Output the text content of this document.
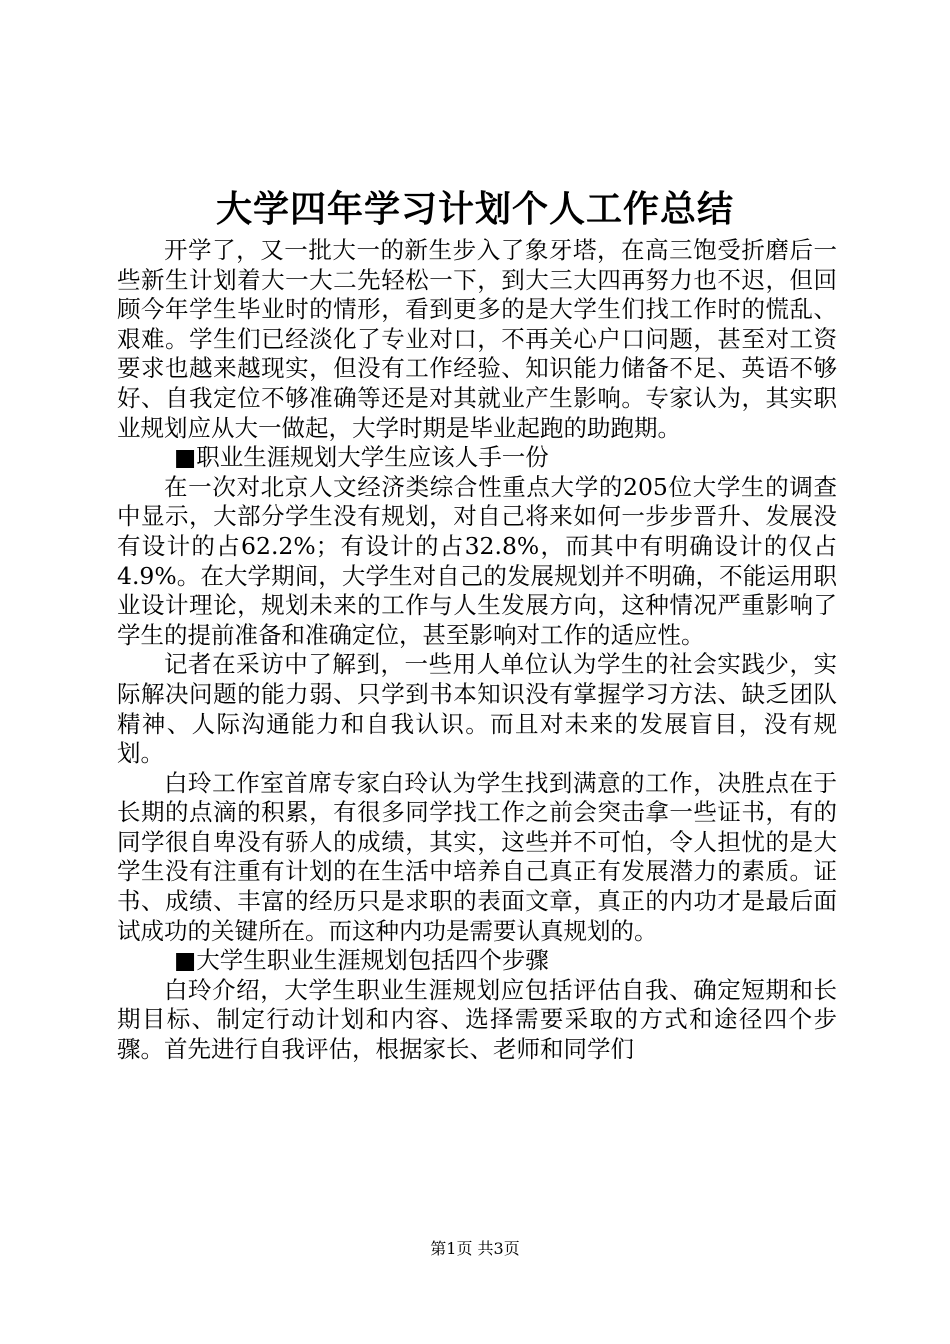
大学四年学习计划个人工作总结

开学了，又一批大一的新生步入了象牙塔，在高三饱受折磨后一些新生计划着大一大二先轻松一下，到大三大四再努力也不迟，但回顾今年学生毕业时的情形，看到更多的是大学生们找工作时的慌乱、艰难。学生们已经淡化了专业对口，不再关心户口问题，甚至对工资要求也越来越现实，但没有工作经验、知识能力储备不足、英语不够好、自我定位不够准确等还是对其就业产生影响。专家认为，其实职业规划应从大一做起，大学时期是毕业起跑的助跑期。

■职业生涯规划大学生应该人手一份

在一次对北京人文经济类综合性重点大学的205位大学生的调查中显示，大部分学生没有规划，对自己将来如何一步步晋升、发展没有设计的占62.2%；有设计的占32.8%，而其中有明确设计的仅占4.9%。在大学期间，大学生对自己的发展规划并不明确，不能运用职业设计理论，规划未来的工作与人生发展方向，这种情况严重影响了学生的提前准备和准确定位，甚至影响对工作的适应性。

记者在采访中了解到，一些用人单位认为学生的社会实践少，实际解决问题的能力弱、只学到书本知识没有掌握学习方法、缺乏团队精神、人际沟通能力和自我认识。而且对未来的发展盲目，没有规划。

白玲工作室首席专家白玲认为学生找到满意的工作，决胜点在于长期的点滴的积累，有很多同学找工作之前会突击拿一些证书，有的同学很自卑没有骄人的成绩，其实，这些并不可怕，令人担忧的是大学生没有注重有计划的在生活中培养自己真正有发展潜力的素质。证书、成绩、丰富的经历只是求职的表面文章，真正的内功才是最后面试成功的关键所在。而这种内功是需要认真规划的。

■大学生职业生涯规划包括四个步骤

白玲介绍，大学生职业生涯规划应包括评估自我、确定短期和长期目标、制定行动计划和内容、选择需要采取的方式和途径四个步骤。首先进行自我评估，根据家长、老师和同学们

第1页 共3页
